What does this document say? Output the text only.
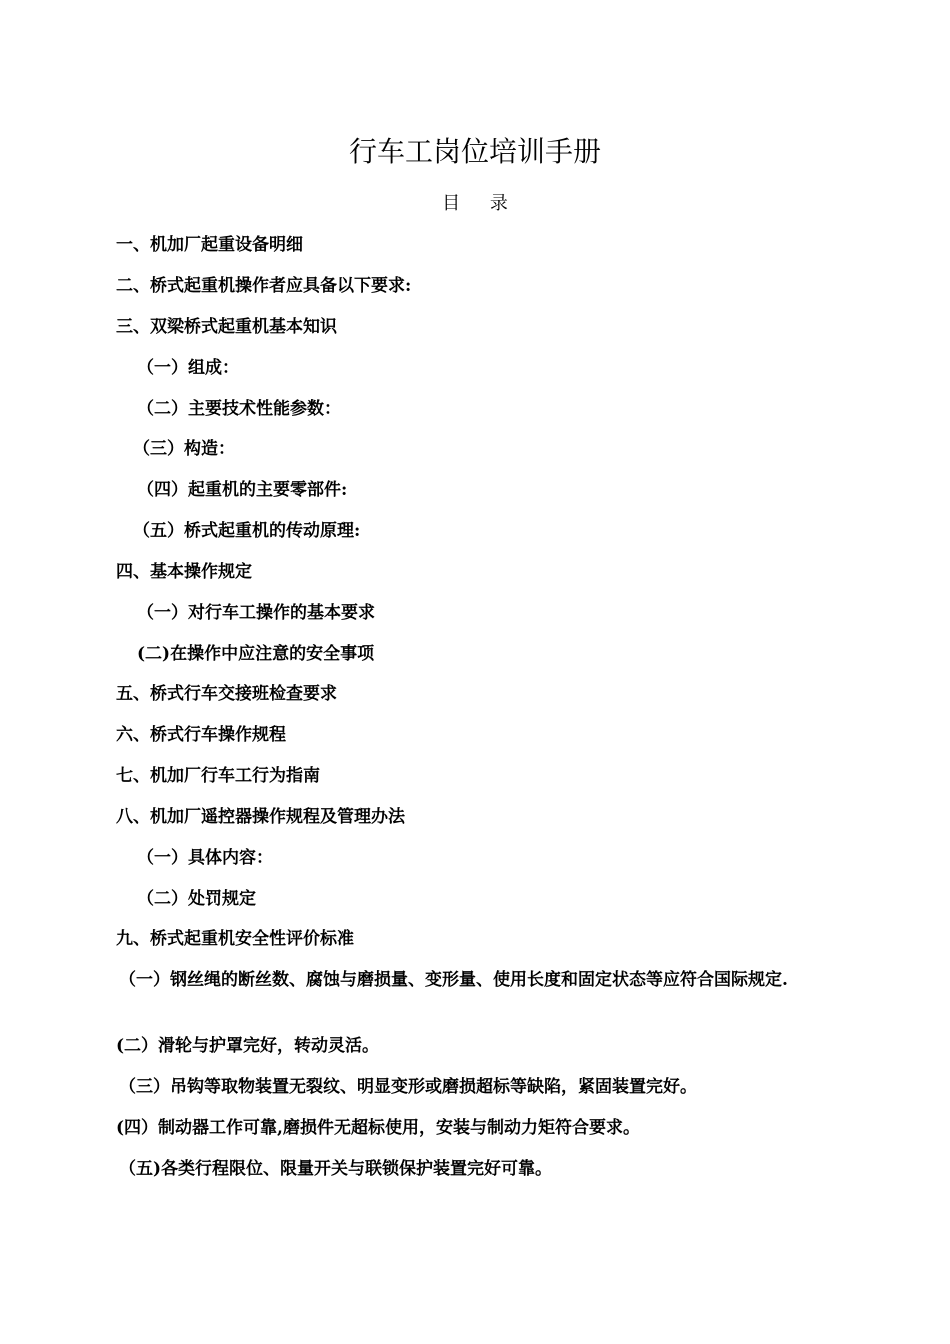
行车工岗位培训手册
目 录
一、机加厂起重设备明细
二、桥式起重机操作者应具备以下要求:
三、双梁桥式起重机基本知识
（一）组成：
（二）主要技术性能参数：
（三）构造：
（四）起重机的主要零部件:
（五）桥式起重机的传动原理:
四、基本操作规定
（一）对行车工操作的基本要求
(二)在操作中应注意的安全事项
五、桥式行车交接班检查要求
六、桥式行车操作规程
七、机加厂行车工行为指南
八、机加厂遥控器操作规程及管理办法
（一）具体内容：
（二）处罚规定
九、桥式起重机安全性评价标准
（一）钢丝绳的断丝数、腐蚀与磨损量、变形量、使用长度和固定状态等应符合国际规定.
(二）滑轮与护罩完好，转动灵活。
（三）吊钩等取物装置无裂纹、明显变形或磨损超标等缺陷，紧固装置完好。
(四）制动器工作可靠,磨损件无超标使用，安装与制动力矩符合要求。
（五)各类行程限位、限量开关与联锁保护装置完好可靠。
